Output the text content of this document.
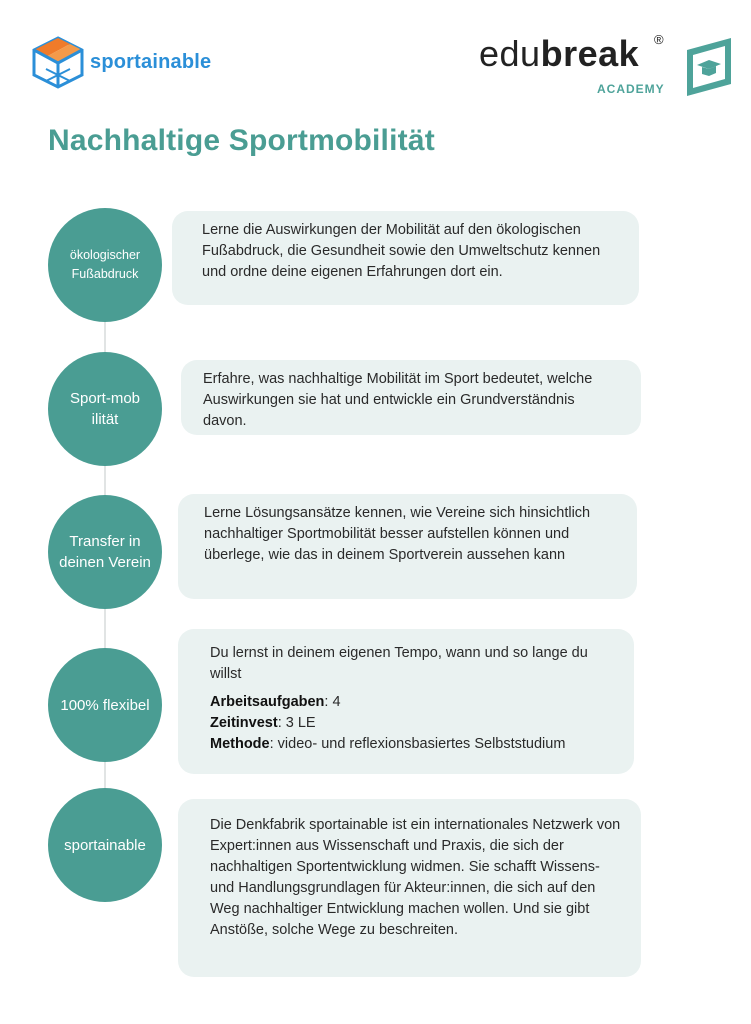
sportainable	edubreak ®
ACADEMY
Nachhaltige Sportmobilität
ökologischer Fußabdruck

Lerne die Auswirkungen der Mobilität auf den ökologischen Fußabdruck, die Gesundheit sowie den Umweltschutz kennen und ordne deine eigenen Erfahrungen dort ein.

Sport-mobilität

Erfahre, was nachhaltige Mobilität im Sport bedeutet, welche Auswirkungen sie hat und entwickle ein Grundverständnis davon.

Transfer in deinen Verein

Lerne Lösungsansätze kennen, wie Vereine sich hinsichtlich nachhaltiger Sportmobilität besser aufstellen können und überlege, wie das in deinem Sportverein aussehen kann

100% flexibel

Du lernst in deinem eigenen Tempo, wann und so lange du willst

Arbeitsaufgaben: 4

Zeitinvest: 3 LE

Methode: video- und reflexionsbasiertes Selbststudium

sportainable

Die Denkfabrik sportainable ist ein internationales Netzwerk von Expert:innen aus Wissenschaft und Praxis, die sich der nachhaltigen Sportentwicklung widmen. Sie schafft Wissens- und Handlungsgrundlagen für Akteur:innen, die sich auf den Weg nachhaltiger Entwicklung machen wollen. Und sie gibt Anstöße, solche Wege zu beschreiten.
